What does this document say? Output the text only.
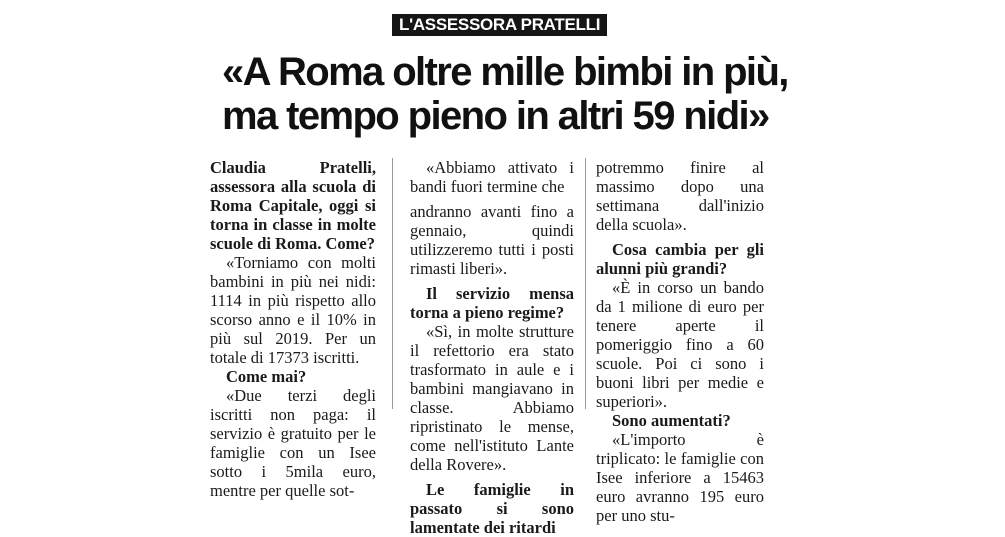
L'ASSESSORA PRATELLI
«A Roma oltre mille bimbi in più,
ma tempo pieno in altri 59 nidi»

Claudia Pratelli, assessora alla scuola di Roma Capitale, oggi si torna in classe in molte scuole di Roma. Come?

«Torniamo con molti bambini in più nei nidi: 1114 in più rispetto allo scorso anno e il 10% in più sul 2019. Per un totale di 17373 iscritti.

Come mai?

«Due terzi degli iscritti non paga: il servizio è gratuito per le famiglie con un Isee sotto i 5mila euro, mentre per quelle sot-

«Abbiamo attivato i bandi fuori termine che

andranno avanti fino a gennaio, quindi utilizzeremo tutti i posti rimasti liberi».

Il servizio mensa torna a pieno regime?

«Sì, in molte strutture il refettorio era stato trasformato in aule e i bambini mangiavano in classe. Abbiamo ripristinato le mense, come nell'istituto Lante della Rovere».

Le famiglie in passato si sono lamentate dei ritardi

potremmo finire al massimo dopo una settimana dall'inizio della scuola».

Cosa cambia per gli alunni più grandi?

«È in corso un bando da 1 milione di euro per tenere aperte il pomeriggio fino a 60 scuole. Poi ci sono i buoni libri per medie e superiori».

Sono aumentati?

«L'importo è triplicato: le famiglie con Isee inferiore a 15463 euro avranno 195 euro per uno stu-
